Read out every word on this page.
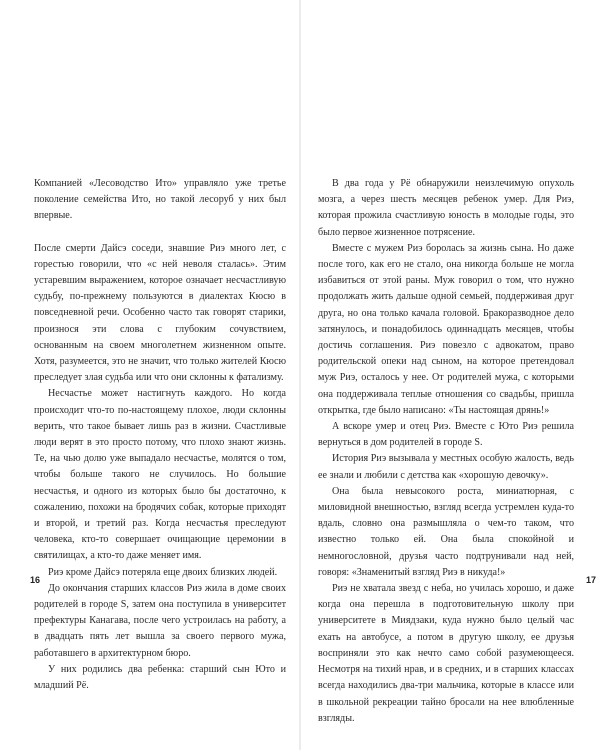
Компанией «Лесоводство Ито» управляло уже третье поколение семейства Ито, но такой лесоруб у них был впервые.

После смерти Дайсэ соседи, знавшие Риэ много лет, с горестью говорили, что «с ней неволя сталась». Этим устаревшим выражением, которое означает несчастливую судьбу, по-прежнему пользуются в диалектах Кюсю в повседневной речи. Особенно часто так говорят старики, произнося эти слова с глубоким сочувствием, основанным на своем многолетнем жизненном опыте. Хотя, разумеется, это не значит, что только жителей Кюсю преследует злая судьба или что они склонны к фатализму.

Несчастье может настигнуть каждого. Но когда происходит что-то по-настоящему плохое, люди склонны верить, что такое бывает лишь раз в жизни. Счастливые люди верят в это просто потому, что плохо знают жизнь. Те, на чью долю уже выпадало несчастье, молятся о том, чтобы больше такого не случилось. Но большие несчастья, и одного из которых было бы достаточно, к сожалению, похожи на бродячих собак, которые приходят и второй, и третий раз. Когда несчастья преследуют человека, кто-то совершает очищающие церемонии в святилищах, а кто-то даже меняет имя.

Риэ кроме Дайсэ потеряла еще двоих близких людей.

До окончания старших классов Риэ жила в доме своих родителей в городе S, затем она поступила в университет префектуры Канагава, после чего устроилась на работу, а в двадцать пять лет вышла за своего первого мужа, работавшего в архитектурном бюро.

У них родились два ребенка: старший сын Юто и младший Рё.

16

В два года у Рё обнаружили неизлечимую опухоль мозга, а через шесть месяцев ребенок умер. Для Риэ, которая прожила счастливую юность в молодые годы, это было первое жизненное потрясение.

Вместе с мужем Риэ боролась за жизнь сына. Но даже после того, как его не стало, она никогда больше не могла избавиться от этой раны. Муж говорил о том, что нужно продолжать жить дальше одной семьей, поддерживая друг друга, но она только качала головой. Бракоразводное дело затянулось, и понадобилось одиннадцать месяцев, чтобы достичь соглашения. Риэ повезло с адвокатом, право родительской опеки над сыном, на которое претендовал муж Риэ, осталось у нее. От родителей мужа, с которыми она поддерживала теплые отношения со свадьбы, пришла открытка, где было написано: «Ты настоящая дрянь!»

А вскоре умер и отец Риэ. Вместе с Юто Риэ решила вернуться в дом родителей в городе S.

История Риэ вызывала у местных особую жалость, ведь ее знали и любили с детства как «хорошую девочку».

Она была невысокого роста, миниатюрная, с миловидной внешностью, взгляд всегда устремлен куда-то вдаль, словно она размышляла о чем-то таком, что известно только ей. Она была спокойной и немногословной, друзья часто подтрунивали над ней, говоря: «Знаменитый взгляд Риэ в никуда!»

Риэ не хватала звезд с неба, но училась хорошо, и даже когда она перешла в подготовительную школу при университете в Миядзаки, куда нужно было целый час ехать на автобусе, а потом в другую школу, ее друзья восприняли это как нечто само собой разумеющееся. Несмотря на тихий нрав, и в средних, и в старших классах всегда находились два-три мальчика, которые в классе или в школьной рекреации тайно бросали на нее влюбленные взгляды.

17
